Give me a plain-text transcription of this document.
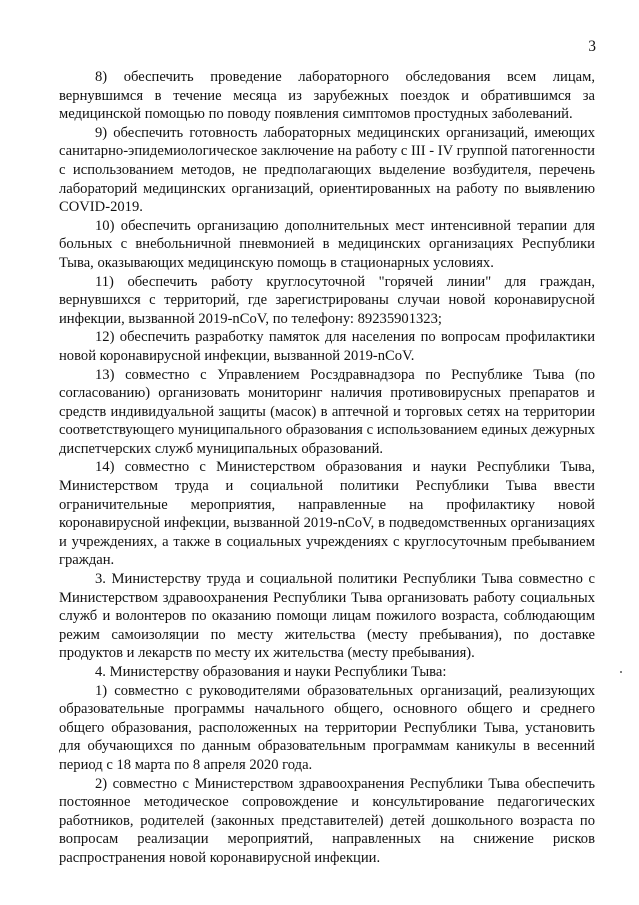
3

8) обеспечить проведение лабораторного обследования всем лицам, вернувшимся в течение месяца из зарубежных поездок и обратившимся за медицинской помощью по поводу появления симптомов простудных заболеваний.

9) обеспечить готовность лабораторных медицинских организаций, имеющих санитарно-эпидемиологическое заключение на работу с III - IV группой патогенности с использованием методов, не предполагающих выделение возбудителя, перечень лабораторий медицинских организаций, ориентированных на работу по выявлению COVID-2019.

10) обеспечить организацию дополнительных мест интенсивной терапии для больных с внебольничной пневмонией в медицинских организациях Республики Тыва, оказывающих медицинскую помощь в стационарных условиях.

11) обеспечить работу круглосуточной "горячей линии" для граждан, вернувшихся с территорий, где зарегистрированы случаи новой коронавирусной инфекции, вызванной 2019-nCoV, по телефону: 89235901323;

12) обеспечить разработку памяток для населения по вопросам профилактики новой коронавирусной инфекции, вызванной 2019-nCoV.

13) совместно с Управлением Росздравнадзора по Республике Тыва (по согласованию) организовать мониторинг наличия противовирусных препаратов и средств индивидуальной защиты (масок) в аптечной и торговых сетях на территории соответствующего муниципального образования с использованием единых дежурных диспетчерских служб муниципальных образований.

14) совместно с Министерством образования и науки Республики Тыва, Министерством труда и социальной политики Республики Тыва ввести ограничительные мероприятия, направленные на профилактику новой коронавирусной инфекции, вызванной 2019-nCoV, в подведомственных организациях и учреждениях, а также в социальных учреждениях с круглосуточным пребыванием граждан.

3. Министерству труда и социальной политики Республики Тыва совместно с Министерством здравоохранения Республики Тыва организовать работу социальных служб и волонтеров по оказанию помощи лицам пожилого возраста, соблюдающим режим самоизоляции по месту жительства (месту пребывания), по доставке продуктов и лекарств по месту их жительства (месту пребывания).

4. Министерству образования и науки Республики Тыва:

1) совместно с руководителями образовательных организаций, реализующих образовательные программы начального общего, основного общего и среднего общего образования, расположенных на территории Республики Тыва, установить для обучающихся по данным образовательным программам каникулы в весенний период с 18 марта по 8 апреля 2020 года.

2) совместно с Министерством здравоохранения Республики Тыва обеспечить постоянное методическое сопровождение и консультирование педагогических работников, родителей (законных представителей) детей дошкольного возраста по вопросам реализации мероприятий, направленных на снижение рисков распространения новой коронавирусной инфекции.
